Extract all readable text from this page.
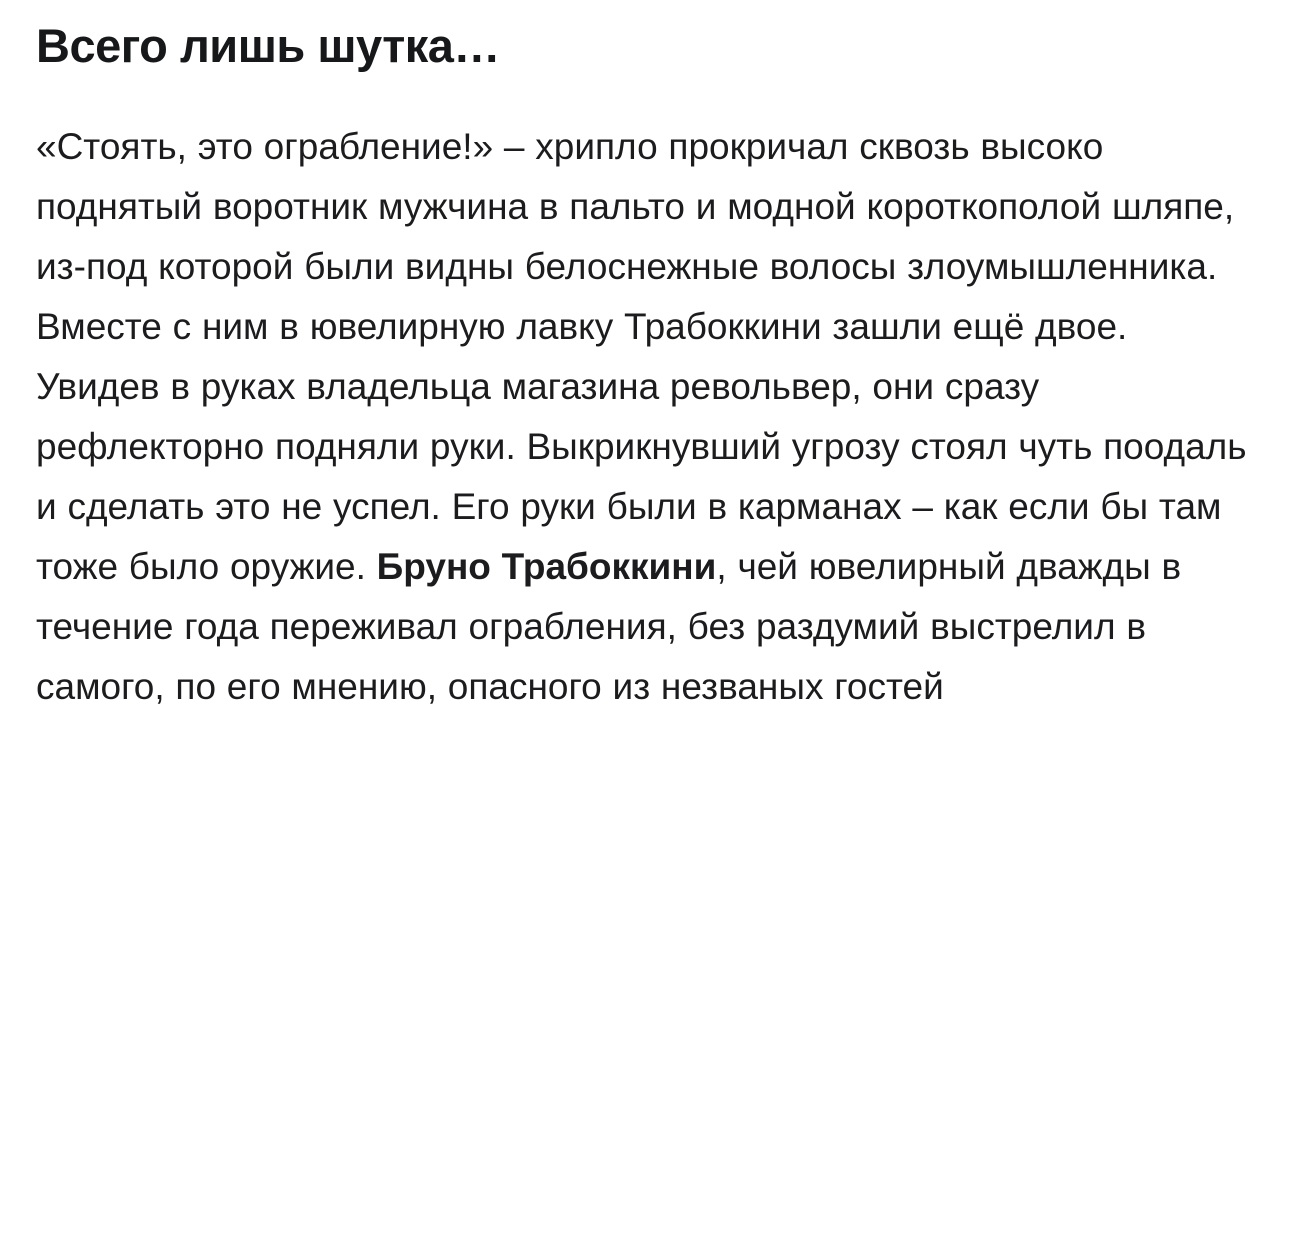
Всего лишь шутка…

«Стоять, это ограбление!» – хрипло прокричал сквозь высоко поднятый воротник мужчина в пальто и модной короткополой шляпе, из-под которой были видны белоснежные волосы злоумышленника. Вместе с ним в ювелирную лавку Трабоккини зашли ещё двое. Увидев в руках владельца магазина револьвер, они сразу рефлекторно подняли руки. Выкрикнувший угрозу стоял чуть поодаль и сделать это не успел. Его руки были в карманах – как если бы там тоже было оружие. Бруно Трабоккини, чей ювелирный дважды в течение года переживал ограбления, без раздумий выстрелил в самого, по его мнению, опасного из незваных гостей
